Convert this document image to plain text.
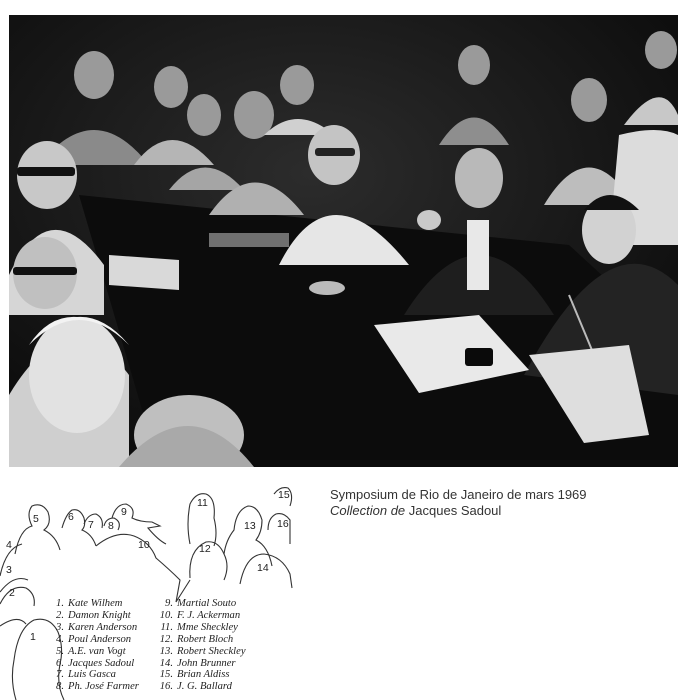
Symposium de Rio de Janeiro de mars 1969
Collection de Jacques Sadoul
1
2
3
4
5	6
7 8
9
10
11
12
13
14
15
16
1. Kate Wilhem
2. Damon Knight
3. Karen Anderson
4. Poul Anderson
5. A.E. van Vogt
6. Jacques Sadoul
7. Luis Gasca
8. Ph. José Farmer
9. Martial Souto
10. F. J. Ackerman
11. Mme Sheckley
12. Robert Bloch
13. Robert Sheckley
14. John Brunner
15. Brian Aldiss
16. J. G. Ballard
